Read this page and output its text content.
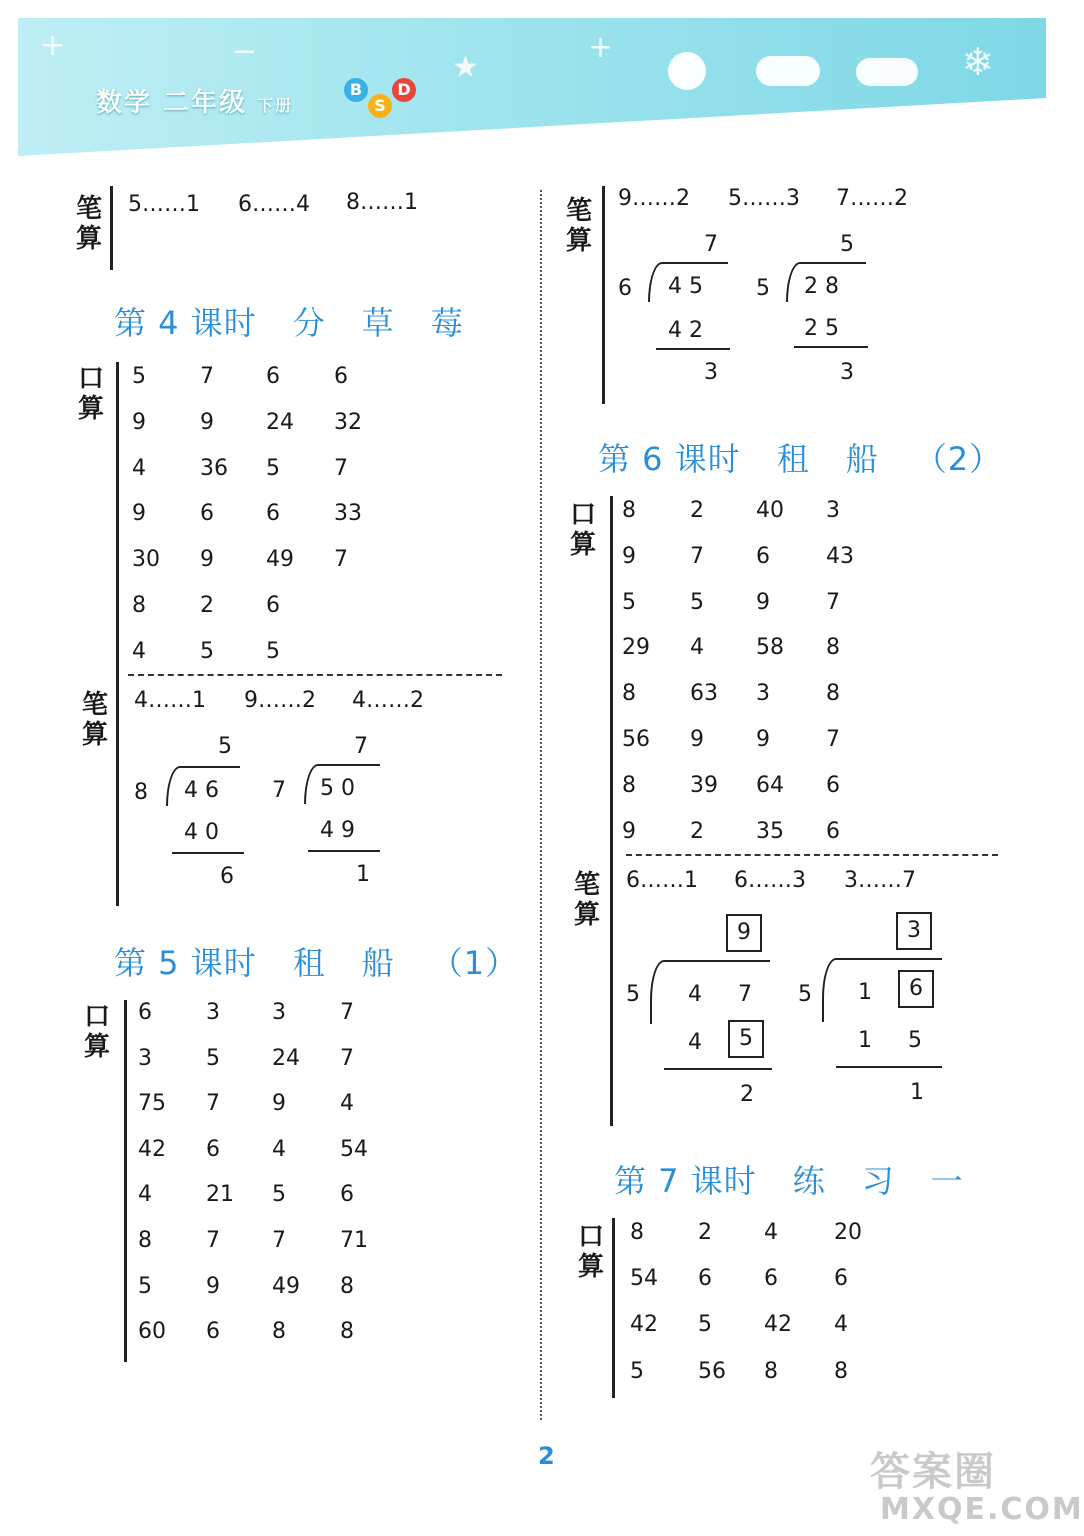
+	−	★
+	❄
数学 二年级 下册
B
S
D
笔
算
5……1 6……4 8……1
第 4 课时 分 草 莓
口
算
5 7 6 6
9 9 24 32
4 36 5 7
9 6 6 33
30 9 49 7
8 2 6
4 5 5
笔
算
4……1 9……2 4……2
5
8 4 6
4 0
6
7
7 5 0
4 9
1
第 5 课时 租 船 （1）
口
算
6 3 3 7
3 5 24 7
75 7 9 4
42 6 4 54
4 21 5 6
8 7 7 71
5 9 49 8
60 6 8 8
笔
算
9……2 5……3 7……2
7
6 4 5
4 2
3
5
5 2 8
2 5
3
第 6 课时 租 船 （2）
口
算
8 2 40 3
9 7 6	43
5 5 9	7
29 4 58 8
8 63 3	8
56 9 9	7
8 39 64 6
9 2 35 6
笔
算
6……1 6……3 3……7
9
5 4 7
4	5
2
3
5 1	6
1 5
1
第 7 课时 练 习 一
口
算
8 2 4	20
54 6 6	6
42 5 42 4
5 56 8	8
2	答案圈
MXQE.COM
